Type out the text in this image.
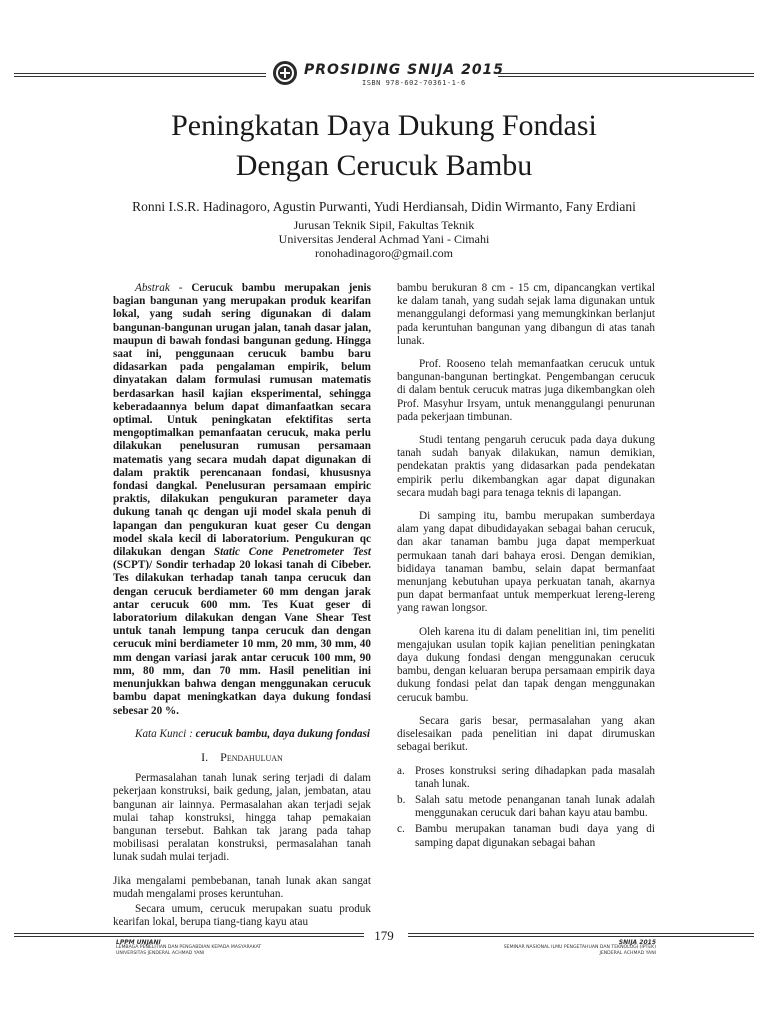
PROSIDING SNIJA 2015
ISBN 978-602-70361-1-6
Peningkatan Daya Dukung Fondasi
Dengan Cerucuk Bambu
Ronni I.S.R. Hadinagoro, Agustin Purwanti, Yudi Herdiansah, Didin Wirmanto, Fany Erdiani
Jurusan Teknik Sipil, Fakultas Teknik
Universitas Jenderal Achmad Yani - Cimahi
ronohadinagoro@gmail.com

Abstrak - Cerucuk bambu merupakan jenis bagian bangunan yang merupakan produk kearifan lokal, yang sudah sering digunakan di dalam bangunan-bangunan urugan jalan, tanah dasar jalan, maupun di bawah fondasi bangunan gedung. Hingga saat ini, penggunaan cerucuk bambu baru didasarkan pada pengalaman empirik, belum dinyatakan dalam formulasi rumusan matematis berdasarkan hasil kajian eksperimental, sehingga keberadaannya belum dapat dimanfaatkan secara optimal. Untuk peningkatan efektifitas serta mengoptimalkan pemanfaatan cerucuk, maka perlu dilakukan penelusuran rumusan persamaan matematis yang secara mudah dapat digunakan di dalam praktik perencanaan fondasi, khususnya fondasi dangkal. Penelusuran persamaan empiric praktis, dilakukan pengukuran parameter daya dukung tanah qc dengan uji model skala penuh di lapangan dan pengukuran kuat geser Cu dengan model skala kecil di laboratorium. Pengukuran qc dilakukan dengan Static Cone Penetrometer Test (SCPT)/ Sondir terhadap 20 lokasi tanah di Cibeber. Tes dilakukan terhadap tanah tanpa cerucuk dan dengan cerucuk berdiameter 60 mm dengan jarak antar cerucuk 600 mm. Tes Kuat geser di laboratorium dilakukan dengan Vane Shear Test untuk tanah lempung tanpa cerucuk dan dengan cerucuk mini berdiameter 10 mm, 20 mm, 30 mm, 40 mm dengan variasi jarak antar cerucuk 100 mm, 90 mm, 80 mm, dan 70 mm. Hasil penelitian ini menunjukkan bahwa dengan menggunakan cerucuk bambu dapat meningkatkan daya dukung fondasi sebesar 20 %.

Kata Kunci : cerucuk bambu, daya dukung fondasi

I. Pendahuluan

Permasalahan tanah lunak sering terjadi di dalam pekerjaan konstruksi, baik gedung, jalan, jembatan, atau bangunan air lainnya. Permasalahan akan terjadi sejak mulai tahap konstruksi, hingga tahap pemakaian bangunan tersebut. Bahkan tak jarang pada tahap mobilisasi peralatan konstruksi, permasalahan tanah lunak sudah mulai terjadi.

Jika mengalami pembebanan, tanah lunak akan sangat mudah mengalami proses keruntuhan.

Secara umum, cerucuk merupakan suatu produk kearifan lokal, berupa tiang-tiang kayu atau

bambu berukuran 8 cm - 15 cm, dipancangkan vertikal ke dalam tanah, yang sudah sejak lama digunakan untuk menanggulangi deformasi yang memungkinkan berlanjut pada keruntuhan bangunan yang dibangun di atas tanah lunak.

Prof. Rooseno telah memanfaatkan cerucuk untuk bangunan-bangunan bertingkat. Pengembangan cerucuk di dalam bentuk cerucuk matras juga dikembangkan oleh Prof. Masyhur Irsyam, untuk menanggulangi penurunan pada pekerjaan timbunan.

Studi tentang pengaruh cerucuk pada daya dukung tanah sudah banyak dilakukan, namun demikian, pendekatan praktis yang didasarkan pada pendekatan empirik perlu dikembangkan agar dapat digunakan secara mudah bagi para tenaga teknis di lapangan.

Di samping itu, bambu merupakan sumberdaya alam yang dapat dibudidayakan sebagai bahan cerucuk, dan akar tanaman bambu juga dapat memperkuat permukaan tanah dari bahaya erosi. Dengan demikian, bididaya tanaman bambu, selain dapat bermanfaat menunjang kebutuhan upaya perkuatan tanah, akarnya pun dapat bermanfaat untuk memperkuat lereng-lereng yang rawan longsor.

Oleh karena itu di dalam penelitian ini, tim peneliti mengajukan usulan topik kajian penelitian peningkatan daya dukung fondasi dengan menggunakan cerucuk bambu, dengan keluaran berupa persamaan empirik daya dukung fondasi pelat dan tapak dengan menggunakan cerucuk bambu.

Secara garis besar, permasalahan yang akan diselesaikan pada penelitian ini dapat dirumuskan sebagai berikut.

a. Proses konstruksi sering dihadapkan pada masalah tanah lunak.
b. Salah satu metode penanganan tanah lunak adalah menggunakan cerucuk dari bahan kayu atau bambu.
c. Bambu merupakan tanaman budi daya yang di samping dapat digunakan sebagai bahan
179
LPPM UNJANI
LEMBAGA PENELITIAN DAN PENGABDIAN KEPADA MASYARAKAT
UNIVERSITAS JENDERAL ACHMAD YANI
SNIJA 2015
SEMINAR NASIONAL ILMU PENGETAHUAN DAN TEKNOLOGI (IPTEK)
JENDERAL ACHMAD YANI
